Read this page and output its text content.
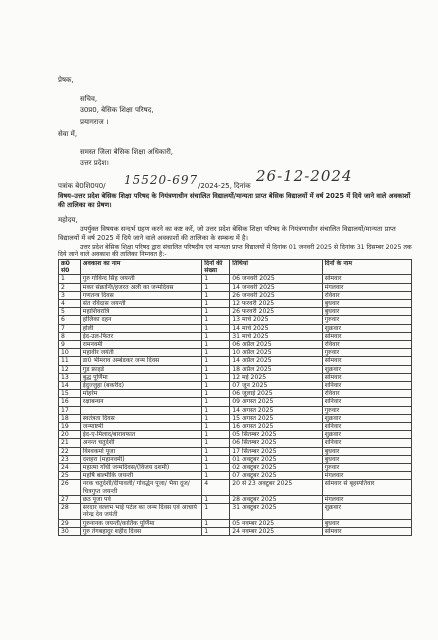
प्रेषक,
सचिव,
उ0प्र0, बेसिक शिक्षा परिषद,
प्रयागराज ।
सेवा में,
समस्त जिला बेसिक शिक्षा अधिकारी,
उत्तर प्रदेश।
पत्रांक बे0शि0प0/ 15520-697 /2024-25, दिनांक
26-12-2024
विषय–उत्तर प्रदेश बेसिक शिक्षा परिषद के नियंत्रणाधीन संचालित विद्यालयों/मान्यता प्राप्त बेसिक विद्यालयों में वर्ष 2025 में दिये जाने वाले अवकाशों की तालिका का प्रेषण।
महोदय,
उपर्युक्त विषयक सन्दर्भ ग्रहण करने का कष्ट करें, जो उत्तर प्रदेश बेसिक शिक्षा परिषद के नियंत्रणाधीन संचालित विद्यालयों/मान्यता प्राप्त विद्यालयों में वर्ष 2025 में दिये जाने वाले अवकाशों की तालिका के सम्बन्ध में है।
उत्तर प्रदेश बेसिक शिक्षा परिषद द्वारा संचालित परिषदीय एवं मान्यता प्राप्त विद्यालयों में दिनांक 01 जनवरी 2025 से दिनांक 31 दिसम्बर 2025 तक दिये जाने वाले अवकाश की तालिका निम्नवत है:-
क्र0 सं0	अवकाश का नाम	दिनों की संख्या	तिथियां	दिनों के नाम
1	गुरु गोविन्द सिंह जयन्ती	1	06 जनवरी 2025	सोमवार
2	मकर संक्रान्ति/हजरत अली का जन्मदिवस	1	14 जनवरी 2025	मंगलवार
3	गणतन्त्र दिवस	1	26 जनवरी 2025	रविवार
4	संत रविदास जयन्ती	1	12 फरवरी 2025	बुधवार
5	महाशिवरात्रि	1	26 फरवरी 2025	बुधवार
6	होलिका दहन	1	13 मार्च 2025	गुरुवार
7	होली	1	14 मार्च 2025	शुक्रवार
8	ईद-उल-फितर	1	31 मार्च 2025	सोमवार
9	रामनवमी	1	06 अप्रैल 2025	रविवार
10	महावीर जयंती	1	10 अप्रैल 2025	गुरुवार
11	डा0 भीमराव अम्बेडकर जन्म दिवस	1	14 अप्रैल 2025	सोमवार
12	गुड फ्राइडे	1	18 अप्रैल 2025	शुक्रवार
13	बुद्ध पूर्णिमा	1	12 मई 2025	सोमवार
14	ईदुज्जुहा (बकरीद)	1	07 जून 2025	शनिवार
15	मोहर्रम	1	06 जुलाई 2025	रविवार
16	रक्षाबन्धन	1	09 अगस्त 2025	शनिवार
17		1	14 अगस्त 2025	गुरुवार
18	स्वतंत्रता दिवस	1	15 अगस्त 2025	शुक्रवार
19	जन्माष्टमी	1	16 अगस्त 2025	शनिवार
20	ईद-ए-मिलाद/बारावफात	1	05 सितम्बर 2025	शुक्रवार
21	अनन्त चतुर्दशी	1	06 सितम्बर 2025	शनिवार
22	विश्वकर्मा पूजा	1	17 सितम्बर 2025	बुधवार
23	दशहरा (महानवमी)	1	01 अक्टूबर 2025	बुधवार
24	महात्मा गाँधी जन्मदिवस/(विजय दशमी)	1	02 अक्टूबर 2025	गुरुवार
25	महर्षि बाल्मीकि जयन्ती	1	07 अक्टूबर 2025	मंगलवार
26	नरक चतुर्दशी/दीपावली/ गोवर्द्धन पूजा/ भैया दूज/चित्रगुप्त जयन्ती	4	20 से 23 अक्टूबर 2025	सोमवार से बृहस्पतिवार
27	छठ पूजा पर्व	1	28 अक्टूबर 2025	मंगलवार
28	सरदार वल्लभ भाई पटेल का जन्म दिवस एवं आचार्य नरेन्द्र देव जयंती	1	31 अक्टूबर 2025	शुक्रवार
29	गुरुनानक जयन्ती/कार्तिक पूर्णिमा	1	05 नवम्बर 2025	बुधवार
30	गुरु तेगबहादुर शहीद दिवस	1	24 नवम्बर 2025	सोमवार
